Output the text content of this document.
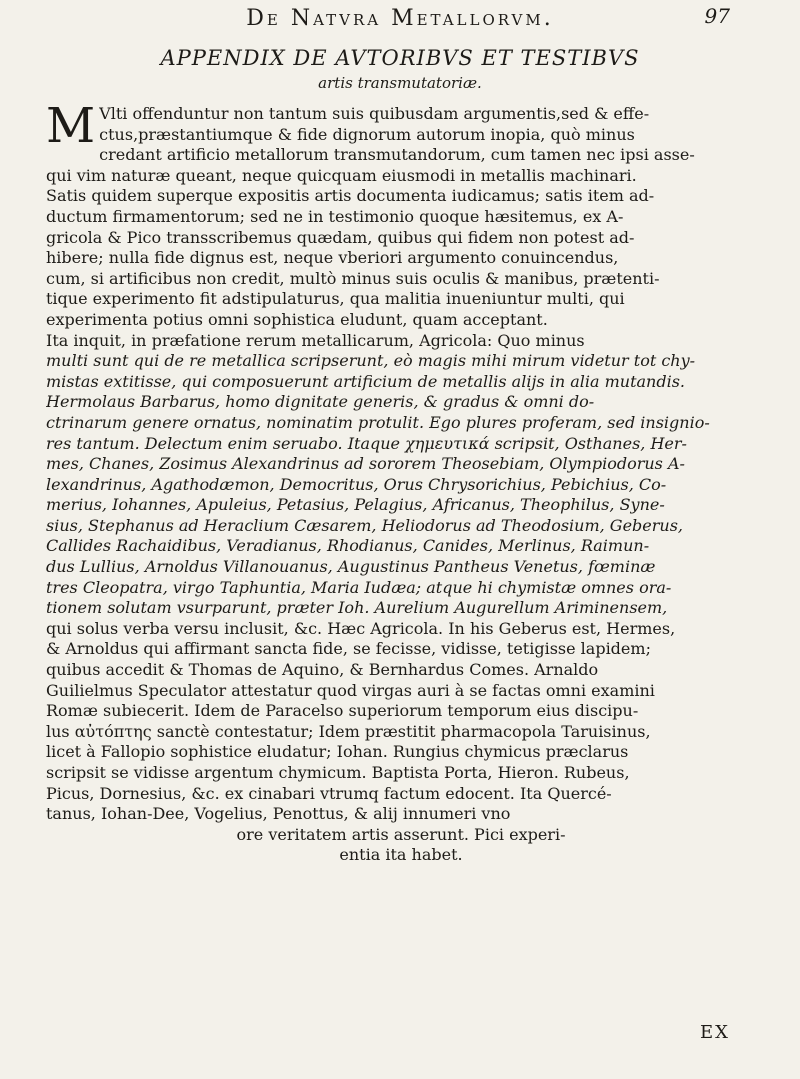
De Natvra Metallorvm.	97
APPENDIX DE AVTORIBVS ET TESTIBVS
artis transmutatoriæ.
M Vlti offenduntur non tantum suis quibusdam argumentis,sed & effe-
ctus,præstantiumque & fide dignorum autorum inopia, quò minus
credant artificio metallorum transmutandorum, cum tamen nec ipsi asse-
qui vim naturæ queant, neque quicquam eiusmodi in metallis machinari.
Satis quidem superque expositis artis documenta iudicamus; satis item ad-
ductum firmamentorum; sed ne in testimonio quoque hæsitemus, ex A-
gricola & Pico transscribemus quædam, quibus qui fidem non potest ad-
hibere; nulla fide dignus est, neque vberiori argumento conuincendus,
cum, si artificibus non credit, multò minus suis oculis & manibus, prætenti-
tique experimento fit adstipulaturus, qua malitia inueniuntur multi, qui
experimenta potius omni sophistica eludunt, quam acceptant.
Ita inquit, in præfatione rerum metallicarum, Agricola: Quo minus
multi sunt qui de re metallica scripserunt, eò magis mihi mirum videtur tot chy-
mistas extitisse, qui composuerunt artificium de metallis alijs in alia mutandis.
Hermolaus Barbarus, homo dignitate generis, & gradus & omni do-
ctrinarum genere ornatus, nominatim protulit. Ego plures proferam, sed insignio-
res tantum. Delectum enim seruabo. Itaque χημευτικά scripsit, Osthanes, Her-
mes, Chanes, Zosimus Alexandrinus ad sororem Theosebiam, Olympiodorus A-
lexandrinus, Agathodæmon, Democritus, Orus Chrysorichius, Pebichius, Co-
merius, Iohannes, Apuleius, Petasius, Pelagius, Africanus, Theophilus, Syne-
sius, Stephanus ad Heraclium Cæsarem, Heliodorus ad Theodosium, Geberus,
Callides Rachaidibus, Veradianus, Rhodianus, Canides, Merlinus, Raimun-
dus Lullius, Arnoldus Villanouanus, Augustinus Pantheus Venetus, fœminæ
tres Cleopatra, virgo Taphuntia, Maria Iudæa; atque hi chymistæ omnes ora-
tionem solutam vsurparunt, præter Ioh. Aurelium Augurellum Ariminensem,
qui solus verba versu inclusit, &c. Hæc Agricola. In his Geberus est, Hermes,
& Arnoldus qui affirmant sancta fide, se fecisse, vidisse, tetigisse lapidem;
quibus accedit & Thomas de Aquino, & Bernhardus Comes. Arnaldo
Guilielmus Speculator attestatur quod virgas auri à se factas omni examini
Romæ subiecerit. Idem de Paracelso superiorum temporum eius discipu-
lus αὐτόπτης sanctè contestatur; Idem præstitit pharmacopola Taruisinus,
licet à Fallopio sophistice eludatur; Iohan. Rungius chymicus præclarus
scripsit se vidisse argentum chymicum. Baptista Porta, Hieron. Rubeus,
Picus, Dornesius, &c. ex cinabari vtrumq factum edocent. Ita Quercé-
tanus, Iohan-Dee, Vogelius, Penottus, & alij innumeri vno
ore veritatem artis asserunt. Pici experi-
entia ita habet.
EX
